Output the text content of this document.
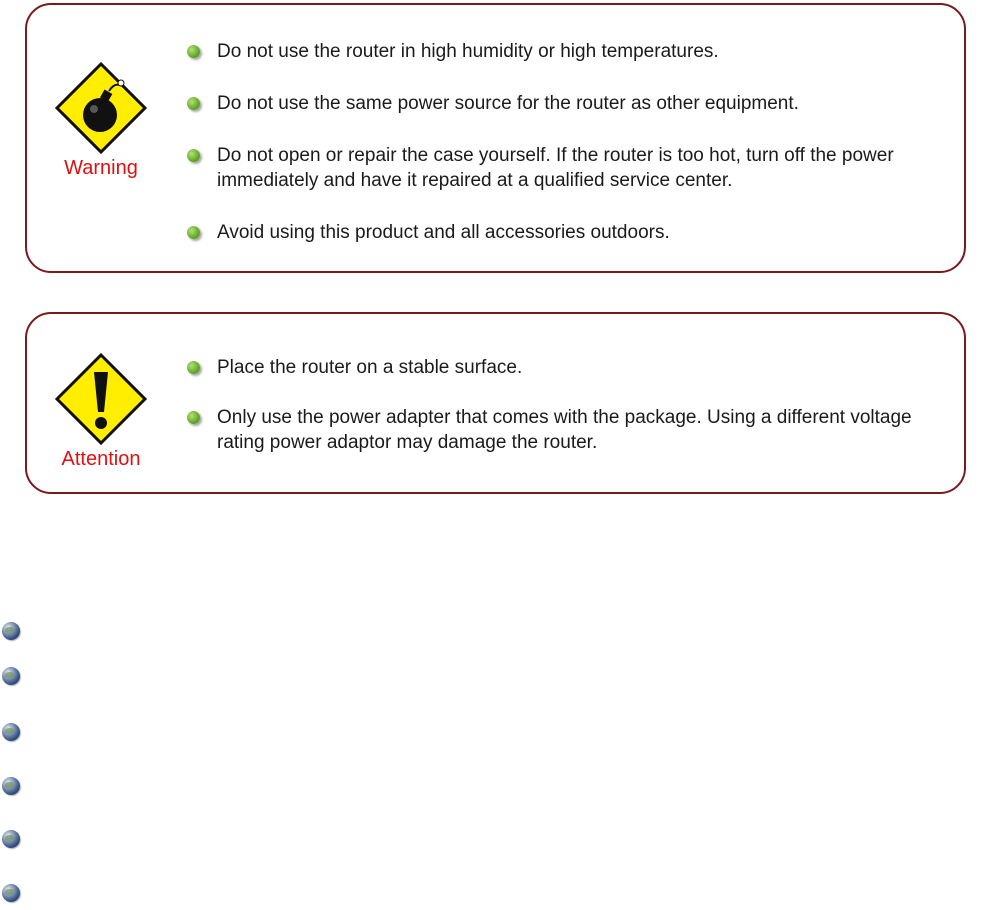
Warning
Do not use the router in high humidity or high temperatures.
Do not use the same power source for the router as other equipment.
Do not open or repair the case yourself. If the router is too hot, turn off the power immediately and have it repaired at a qualified service center.
Avoid using this product and all accessories outdoors.
Attention
Place the router on a stable surface.
Only use the power adapter that comes with the package. Using a different voltage rating power adaptor may damage the router.
